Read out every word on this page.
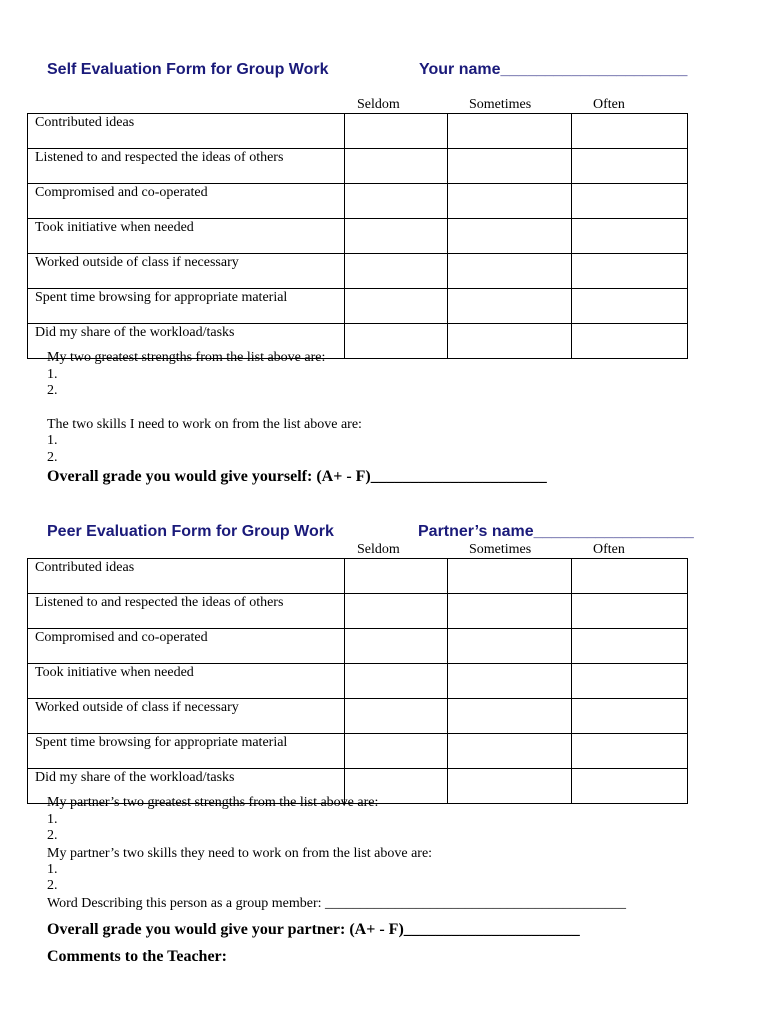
Self Evaluation Form for Group Work	Your name_____________________
Seldom	Sometimes	Often
Contributed ideas			
Listened to and respected the ideas of others			
Compromised and co-operated			
Took initiative when needed			
Worked outside of class if necessary			
Spent time browsing for appropriate material			
Did my share of the workload/tasks			
My two greatest strengths from the list above are:
1.
2.
The two skills I need to work on from the list above are:
1.
2.
Overall grade you would give yourself: (A+ - F)______________________
Peer Evaluation Form for Group Work	Partner’s name__________________
Seldom	Sometimes	Often
Contributed ideas			
Listened to and respected the ideas of others			
Compromised and co-operated			
Took initiative when needed			
Worked outside of class if necessary			
Spent time browsing for appropriate material			
Did my share of the workload/tasks			
My partner’s two greatest strengths from the list above are:
1.
2.
My partner’s two skills they need to work on from the list above are:
1.
2.
Word Describing this person as a group member: ___________________________________________
Overall grade you would give your partner: (A+ - F)______________________
Comments to the Teacher:
